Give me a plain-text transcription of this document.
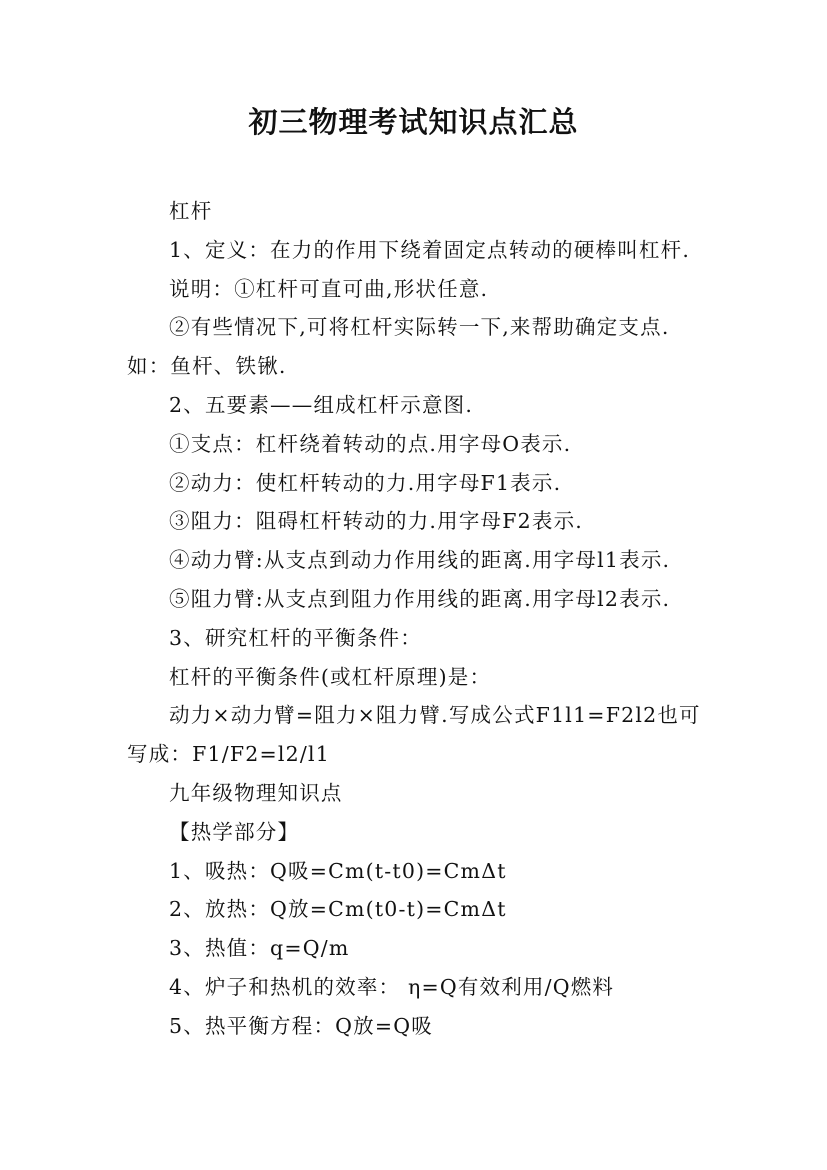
初三物理考试知识点汇总
杠杆
1、定义：在力的作用下绕着固定点转动的硬棒叫杠杆.
说明：①杠杆可直可曲,形状任意.
②有些情况下,可将杠杆实际转一下,来帮助确定支点.
如：鱼杆、铁锹.
2、五要素——组成杠杆示意图.
①支点：杠杆绕着转动的点.用字母O表示.
②动力：使杠杆转动的力.用字母F1表示.
③阻力：阻碍杠杆转动的力.用字母F2表示.
④动力臂:从支点到动力作用线的距离.用字母l1表示.
⑤阻力臂:从支点到阻力作用线的距离.用字母l2表示.
3、研究杠杆的平衡条件：
杠杆的平衡条件(或杠杆原理)是：
动力×动力臂=阻力×阻力臂.写成公式F1l1=F2l2也可
写成：F1/F2=l2/l1
九年级物理知识点
【热学部分】
1、吸热：Q吸=Cm(t-t0)=CmΔt
2、放热：Q放=Cm(t0-t)=CmΔt
3、热值：q=Q/m
4、炉子和热机的效率： η=Q有效利用/Q燃料
5、热平衡方程：Q放=Q吸
